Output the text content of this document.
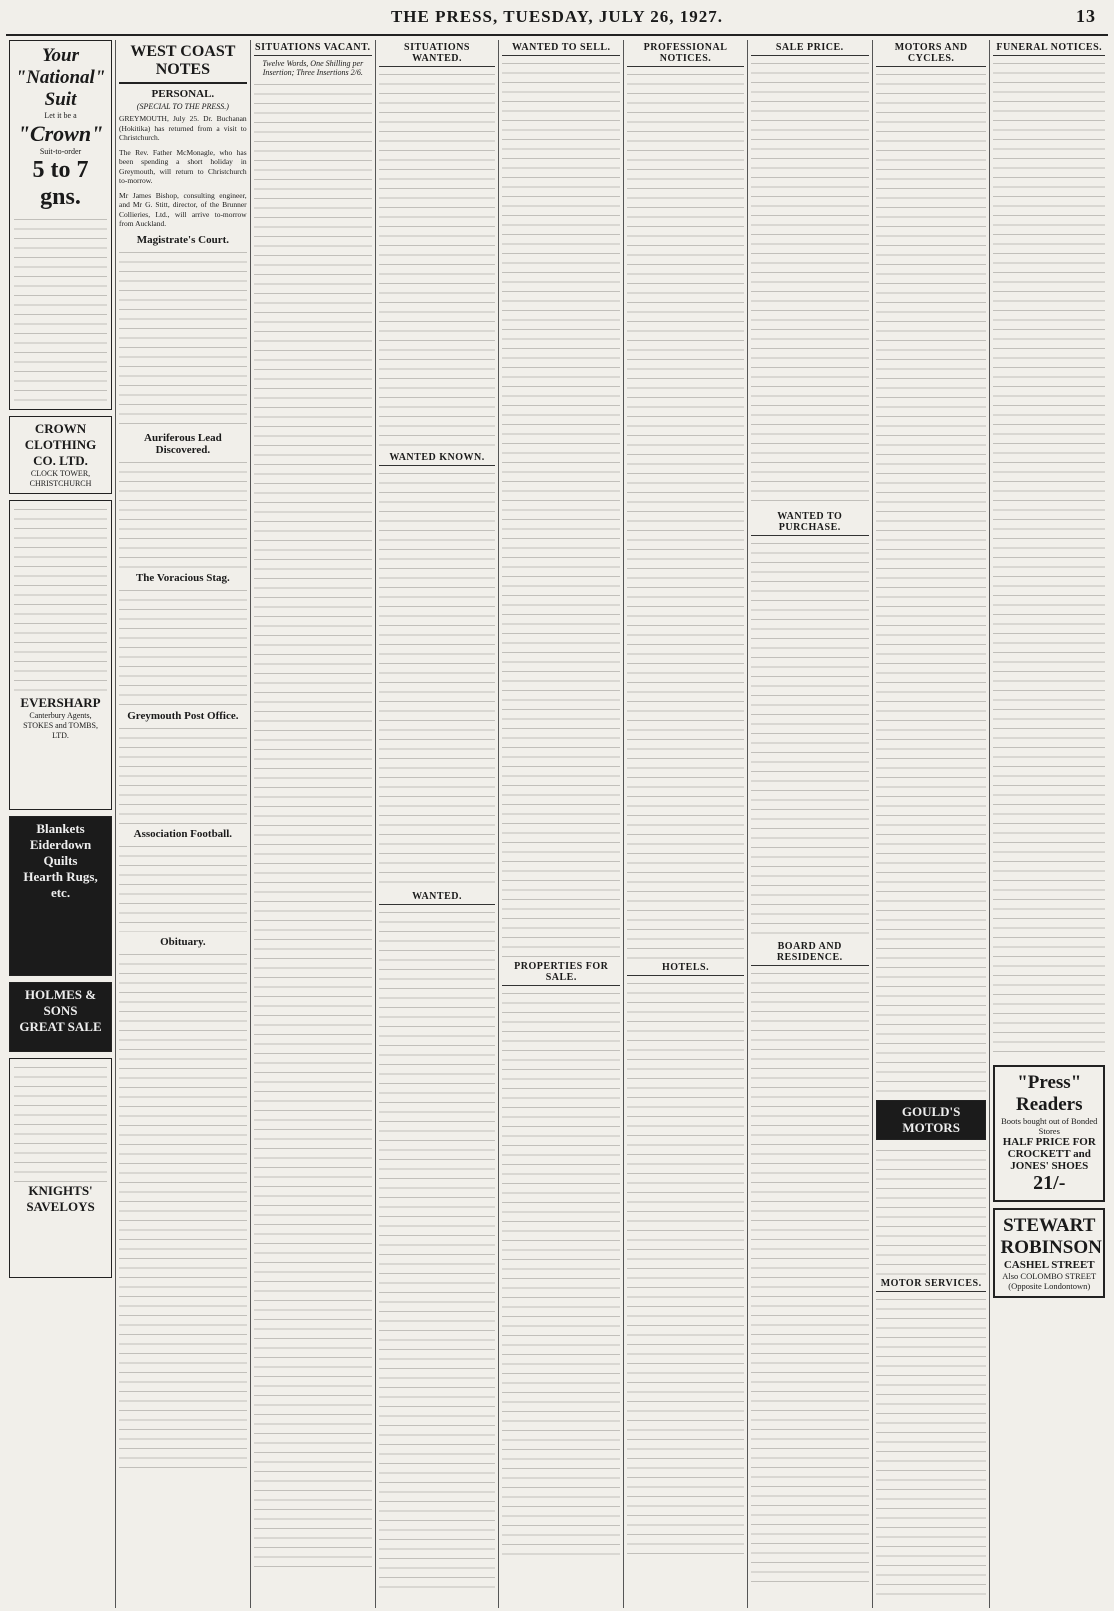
THE PRESS, TUESDAY, JULY 26, 1927.	13
Your
"National"
Suit
Let it be a
"Crown"
Suit-to-order
5 to 7 gns.
CROWN CLOTHING CO. LTD.
CLOCK TOWER, CHRISTCHURCH
EVERSHARP
Canterbury Agents, STOKES and TOMBS, LTD.
Blankets
Eiderdown Quilts
Hearth Rugs, etc.
HOLMES & SONS
GREAT SALE
KNIGHTS'
SAVELOYS
WEST COAST NOTES
PERSONAL.
(SPECIAL TO THE PRESS.)
GREYMOUTH, July 25. Dr. Buchanan (Hokitika) has returned from a visit to Christchurch.
The Rev. Father McMonagle, who has been spending a short holiday in Greymouth, will return to Christchurch to-morrow.
Mr James Bishop, consulting engineer, and Mr G. Stitt, director, of the Brunner Collieries, Ltd., will arrive to-morrow from Auckland.
Magistrate's Court.
Auriferous Lead Discovered.
The Voracious Stag.
Greymouth Post Office.
Association Football.
Obituary.
SITUATIONS VACANT.
Twelve Words, One Shilling per Insertion; Three Insertions 2/6.
SITUATIONS WANTED.
WANTED KNOWN.
WANTED.
WANTED TO SELL.
PROPERTIES FOR SALE.
PROFESSIONAL NOTICES.
HOTELS.
SALE PRICE.
WANTED TO PURCHASE.
BOARD AND RESIDENCE.
MOTORS AND CYCLES.
GOULD'S MOTORS
MOTOR SERVICES.
FUNERAL NOTICES.
"Press" Readers
Boots bought out of Bonded Stores
HALF PRICE FOR CROCKETT and JONES' SHOES
21/-
STEWART ROBINSON
CASHEL STREET
Also COLOMBO STREET (Opposite Londontown)
